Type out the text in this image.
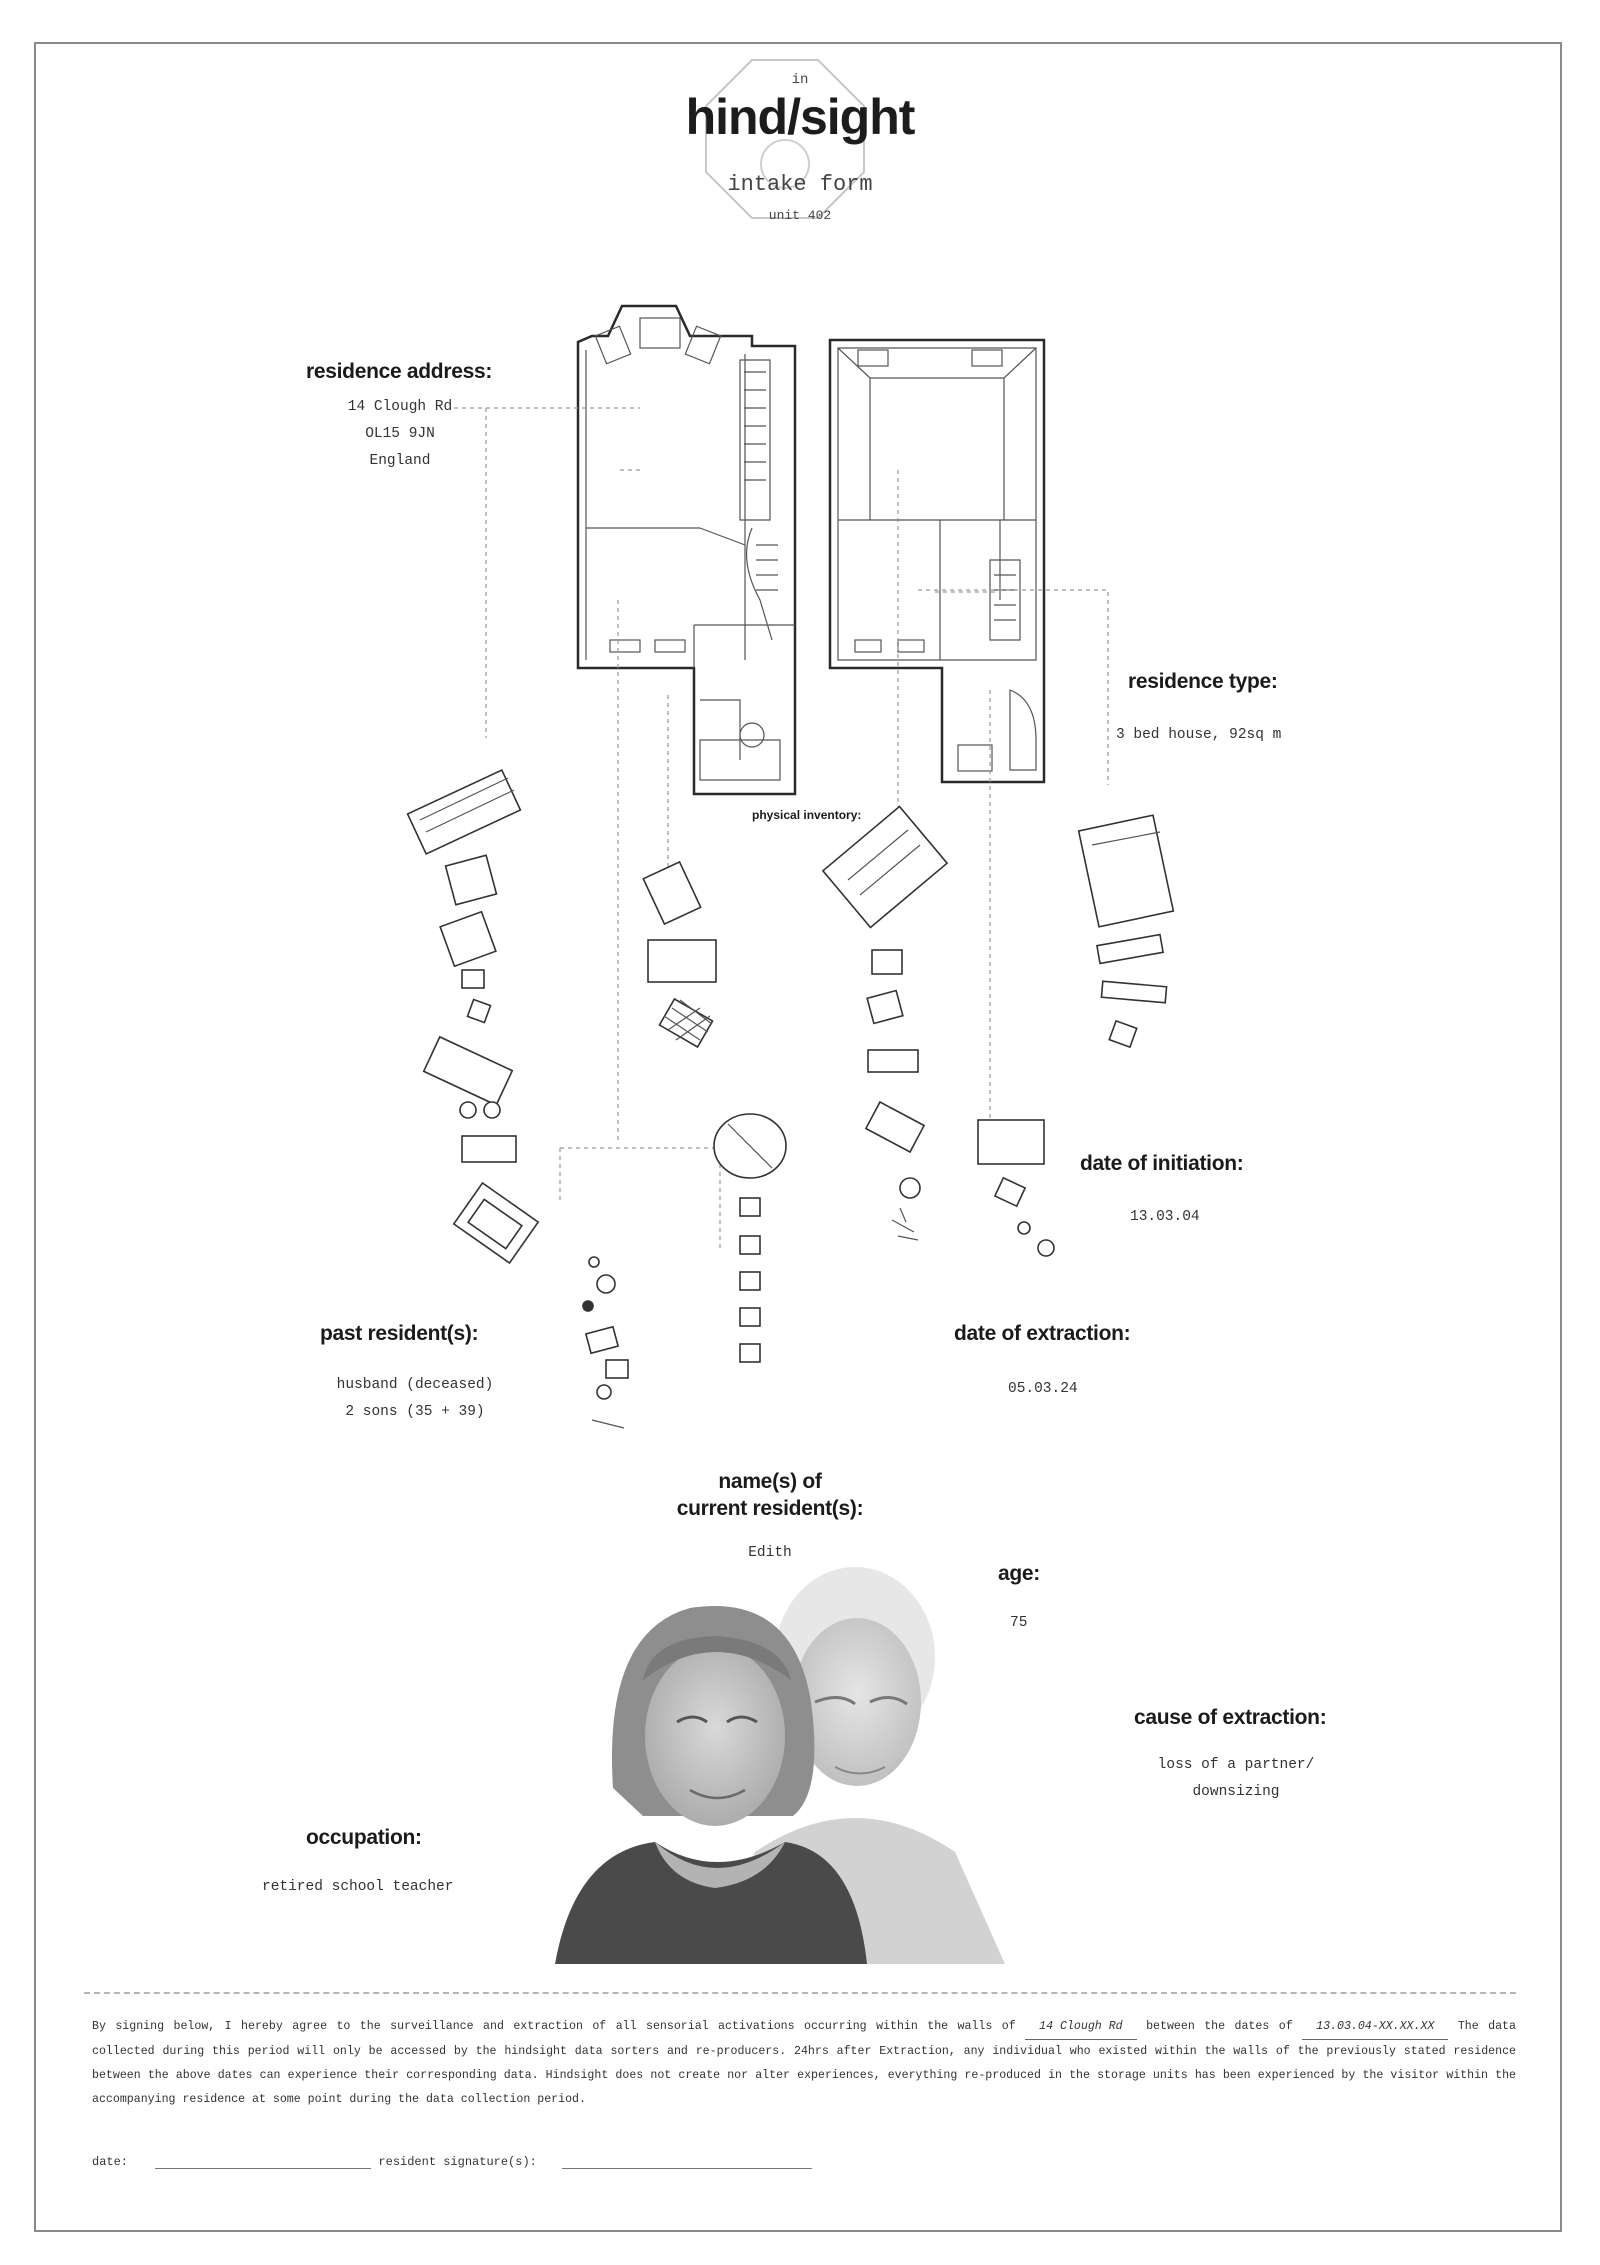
in
hind/sight
intake form
unit 402
residence address:
14 Clough Rd
OL15 9JN
England
residence type:
3 bed house, 92sq m
physical inventory:
date of initiation:
13.03.04
past resident(s):
husband (deceased)
2 sons (35 + 39)
date of extraction:
05.03.24
name(s) of
current resident(s):
Edith
age:
75
cause of extraction:
loss of a partner/
downsizing
occupation:
retired school teacher
By signing below, I hereby agree to the surveillance and extraction of all sensorial activations occurring within the walls of 14 Clough Rd between the dates of 13.03.04-XX.XX.XX The data collected during this period will only be accessed by the hindsight data sorters and re-producers. 24hrs after Extraction, any individual who existed within the walls of the previously stated residence between the above dates can experience their corresponding data. Hindsight does not create nor alter experiences, everything re-produced in the storage units has been experienced by the visitor within the accompanying residence at some point during the data collection period.
date:	resident signature(s):
